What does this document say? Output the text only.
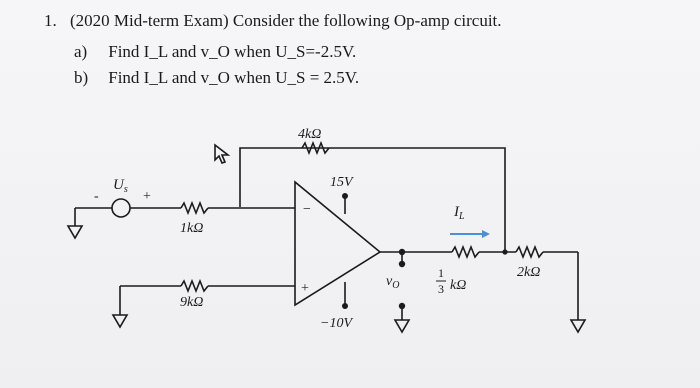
1. (2020 Mid-term Exam) Consider the following Op-amp circuit.
a) Find I_L and v_O when U_S=-2.5V.
b) Find I_L and v_O when U_S = 2.5V.
$U_s$
-	+
1kΩ
4kΩ
9kΩ
15V
−10V
−
+
$I_L$
$v_O$
1
3 kΩ
2kΩ
